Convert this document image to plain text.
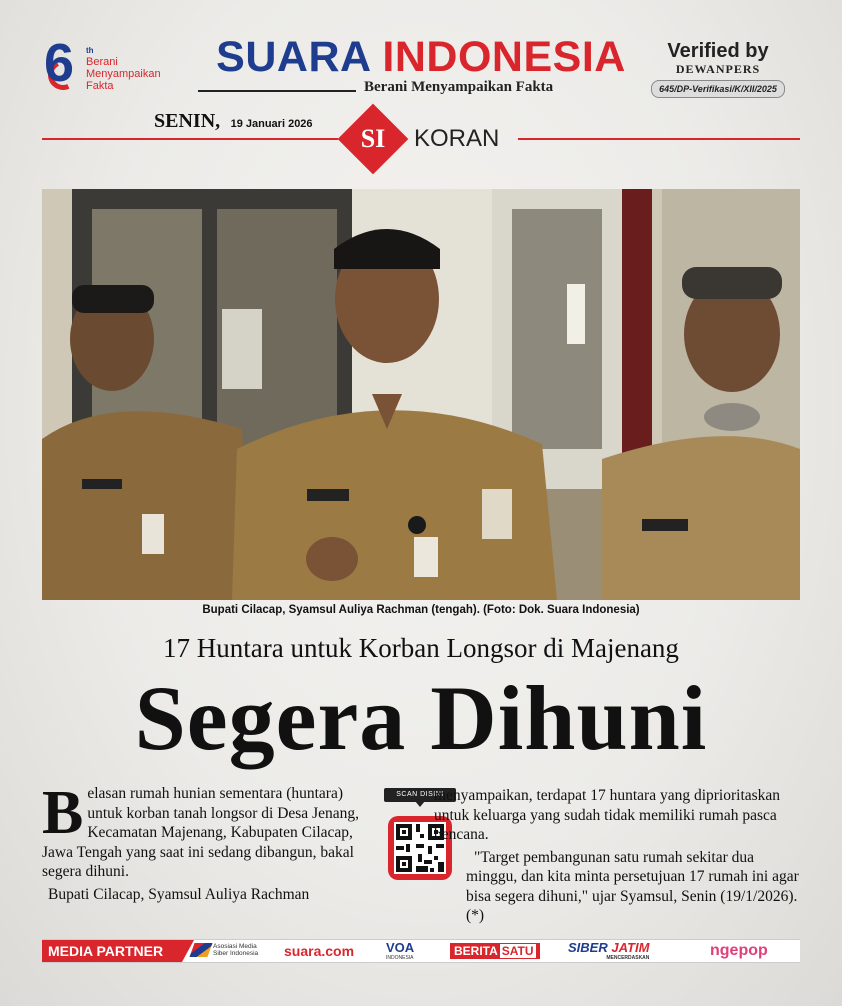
6 th
Berani
Menyampaikan
Fakta
SUARA INDONESIA
Berani Menyampaikan Fakta
Verified by
DEWANPERS
645/DP-Verifikasi/K/XII/2025
SENIN, 19 Januari 2026	SI	KORAN
Bupati Cilacap, Syamsul Auliya Rachman (tengah). (Foto: Dok. Suara Indonesia)
17 Huntara untuk Korban Longsor di Majenang
Segera Dihuni
B elasan rumah hunian sementara (huntara) untuk korban tanah longsor di Desa Jenang, Kecamatan Majenang, Kabupaten Cilacap, Jawa Tengah yang saat ini sedang dibangun, bakal segera dihuni.

Bupati Cilacap, Syamsul Auliya Rachman

SCAN DISINI

menyampaikan, terdapat 17 huntara yang diprioritaskan untuk keluarga yang sudah tidak memiliki rumah pasca bencana.

"Target pembangunan satu rumah sekitar dua minggu, dan kita minta persetujuan 17 rumah ini agar bisa segera dihuni," ujar Syamsul, Senin (19/1/2026). (*)

MEDIA PARTNER	Asosiasi Media Siber Indonesia	suara.com VOA
INDONESIA	BERITA SATU	SIBER JATIM
MENCERDASKAN	ngepop
